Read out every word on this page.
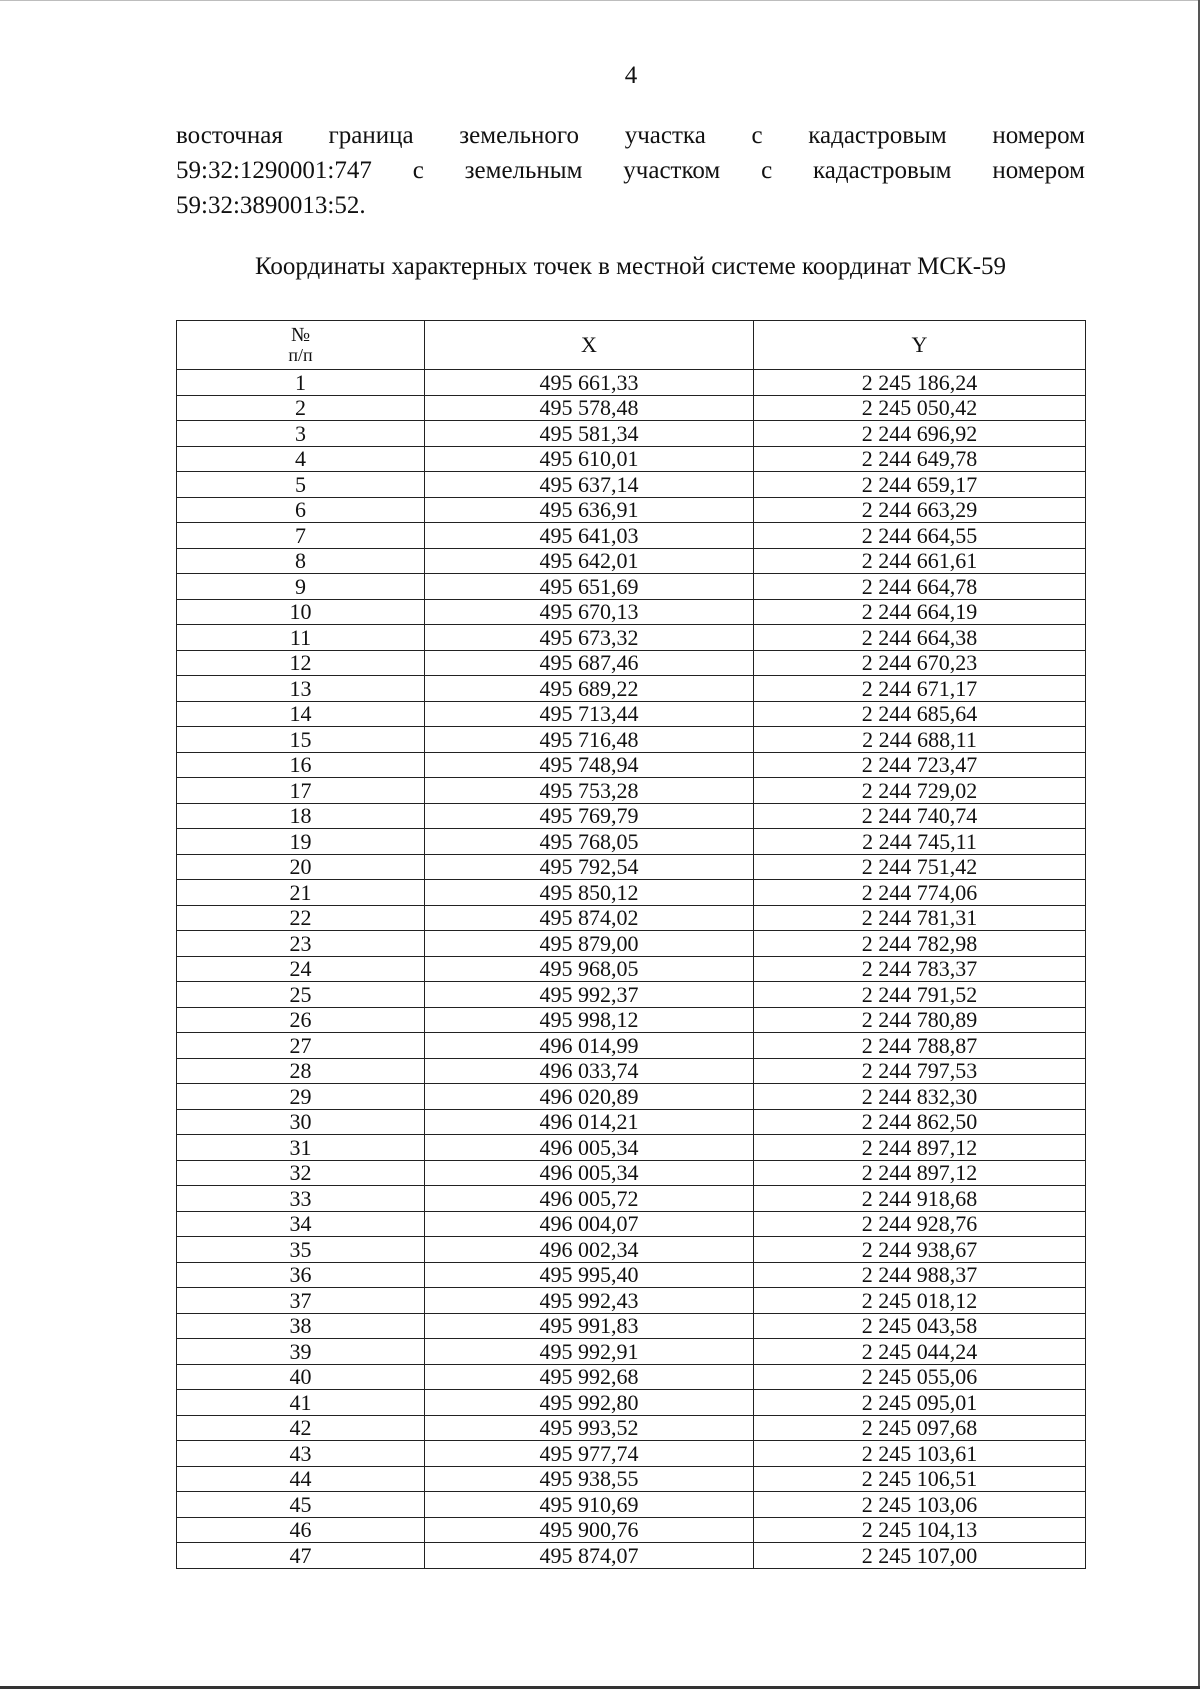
4
восточная граница земельного участка с кадастровым номером
59:32:1290001:747 с земельным участком с кадастровым номером
59:32:3890013:52.
Координаты характерных точек в местной системе координат МСК-59
№
п/п	X	Y
1	495 661,33	2 245 186,24
2	495 578,48	2 245 050,42
3	495 581,34	2 244 696,92
4	495 610,01	2 244 649,78
5	495 637,14	2 244 659,17
6	495 636,91	2 244 663,29
7	495 641,03	2 244 664,55
8	495 642,01	2 244 661,61
9	495 651,69	2 244 664,78
10	495 670,13	2 244 664,19
11	495 673,32	2 244 664,38
12	495 687,46	2 244 670,23
13	495 689,22	2 244 671,17
14	495 713,44	2 244 685,64
15	495 716,48	2 244 688,11
16	495 748,94	2 244 723,47
17	495 753,28	2 244 729,02
18	495 769,79	2 244 740,74
19	495 768,05	2 244 745,11
20	495 792,54	2 244 751,42
21	495 850,12	2 244 774,06
22	495 874,02	2 244 781,31
23	495 879,00	2 244 782,98
24	495 968,05	2 244 783,37
25	495 992,37	2 244 791,52
26	495 998,12	2 244 780,89
27	496 014,99	2 244 788,87
28	496 033,74	2 244 797,53
29	496 020,89	2 244 832,30
30	496 014,21	2 244 862,50
31	496 005,34	2 244 897,12
32	496 005,34	2 244 897,12
33	496 005,72	2 244 918,68
34	496 004,07	2 244 928,76
35	496 002,34	2 244 938,67
36	495 995,40	2 244 988,37
37	495 992,43	2 245 018,12
38	495 991,83	2 245 043,58
39	495 992,91	2 245 044,24
40	495 992,68	2 245 055,06
41	495 992,80	2 245 095,01
42	495 993,52	2 245 097,68
43	495 977,74	2 245 103,61
44	495 938,55	2 245 106,51
45	495 910,69	2 245 103,06
46	495 900,76	2 245 104,13
47	495 874,07	2 245 107,00
